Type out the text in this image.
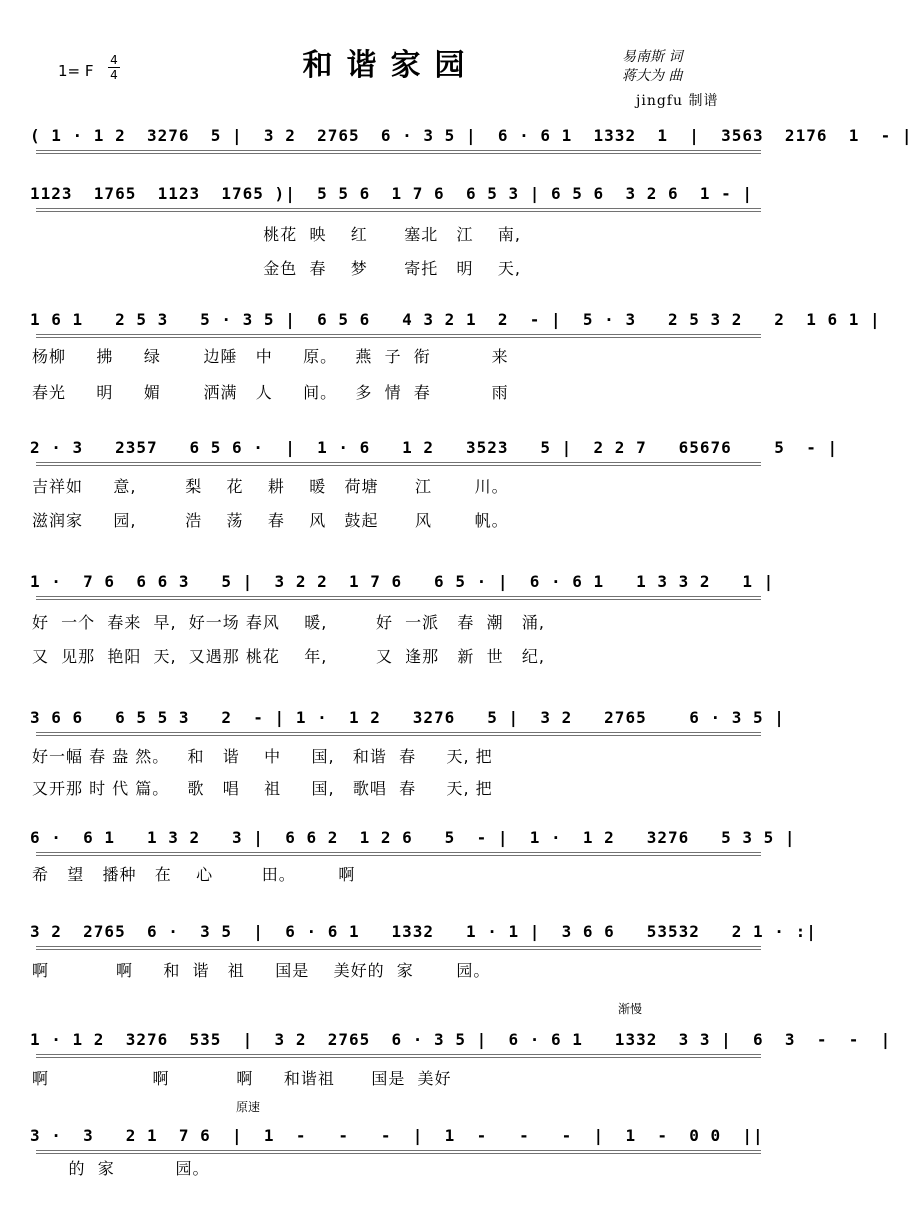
1= F
4
4	和谐家园	易南斯 词
蒋大为 曲
jingfu 制谱
( 1 · 1 2  3276  5 |  3 2  2765  6 · 3 5 |  6 · 6 1  1332  1  |  3563  2176  1  - |
1123  1765  1123  1765 )|  5 5 6  1 7 6  6 5 3 | 6 5 6  3 2 6  1 - |
桃花  映    红      塞北   江    南,
金色  春    梦      寄托   明    天,
1 6 1   2 5 3   5 · 3 5 |  6 5 6   4 3 2 1  2  - |  5 · 3   2 5 3 2   2  1 6 1 |
杨柳     拂     绿       边陲   中     原。   燕  子  衔          来
春光     明     媚       洒满   人     间。   多  情  春          雨
2 · 3   2357   6 5 6 ·  |  1 · 6   1 2   3523   5 |  2 2 7   65676    5  - |
吉祥如     意,        梨    花    耕    暖   荷塘      江       川。
滋润家     园,        浩    荡    春    风   鼓起      风       帆。
1 ·  7 6  6 6 3   5 |  3 2 2  1 7 6   6 5 · |  6 · 6 1   1 3 3 2   1 |
好  一个  春来  早,  好一场 春风    暖,        好  一派   春  潮   涌,
又  见那  艳阳  天,  又遇那 桃花    年,        又  逢那   新  世   纪,
3 6 6   6 5 5 3   2  - | 1 ·  1 2   3276   5 |  3 2   2765    6 · 3 5 |
好一幅 春 盎 然。   和   谐    中     国,   和谐  春     天, 把
又开那 时 代 篇。   歌   唱    祖     国,   歌唱  春     天, 把
6 ·  6 1   1 3 2   3 |  6 6 2  1 2 6   5  - |  1 ·  1 2   3276   5 3 5 |
希   望   播种   在    心        田。       啊
3 2  2765  6 ·  3 5  |  6 · 6 1   1332   1 · 1 |  3 6 6   53532   2 1 · :|
啊           啊     和  谐   祖     国是    美好的  家       园。
渐慢
1 · 1 2  3276  535  |  3 2  2765  6 · 3 5 |  6 · 6 1   1332  3 3 |  6  3  -  -  |
啊                 啊           啊     和谐祖      国是  美好
原速
3 ·  3   2 1  7 6  |  1  -   -   -  |  1  -   -   -  |  1  -  0 0  ||
的  家          园。
